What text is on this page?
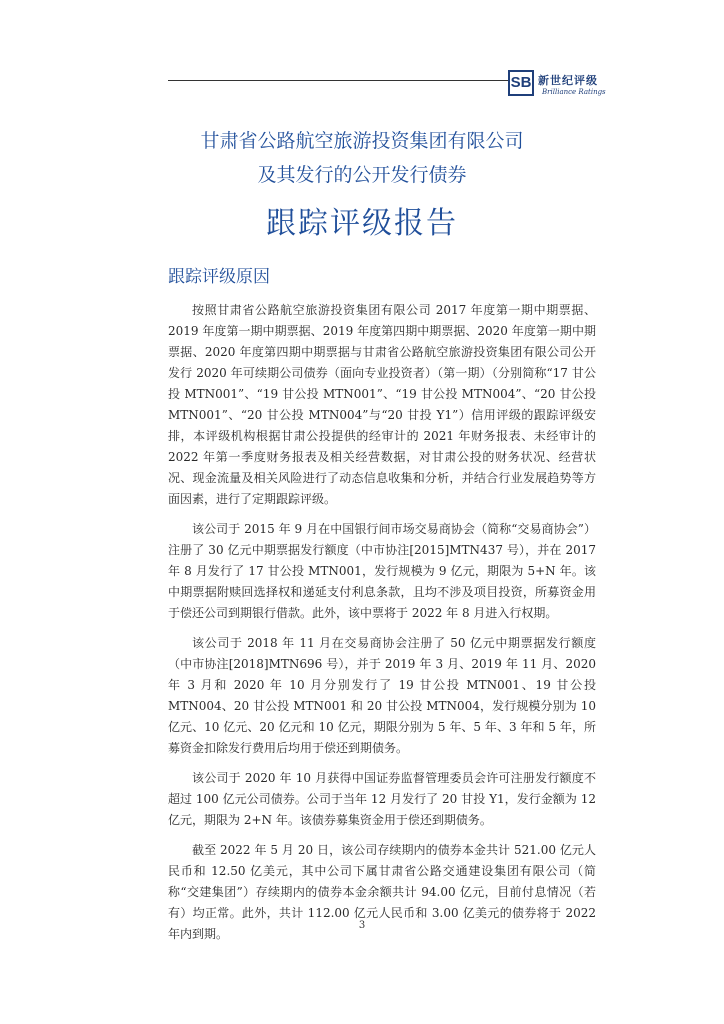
SB 新世纪评级
Brilliance Ratings
甘肃省公路航空旅游投资集团有限公司
及其发行的公开发行债券
跟踪评级报告
跟踪评级原因

按照甘肃省公路航空旅游投资集团有限公司 2017 年度第一期中期票据、2019 年度第一期中期票据、2019 年度第四期中期票据、2020 年度第一期中期票据、2020 年度第四期中期票据与甘肃省公路航空旅游投资集团有限公司公开发行 2020 年可续期公司债券（面向专业投资者）（第一期）（分别简称“17 甘公投 MTN001”、“19 甘公投 MTN001”、“19 甘公投 MTN004”、“20 甘公投 MTN001”、“20 甘公投 MTN004”与“20 甘投 Y1”）信用评级的跟踪评级安排，本评级机构根据甘肃公投提供的经审计的 2021 年财务报表、未经审计的 2022 年第一季度财务报表及相关经营数据，对甘肃公投的财务状况、经营状况、现金流量及相关风险进行了动态信息收集和分析，并结合行业发展趋势等方面因素，进行了定期跟踪评级。

该公司于 2015 年 9 月在中国银行间市场交易商协会（简称“交易商协会”）注册了 30 亿元中期票据发行额度（中市协注[2015]MTN437 号），并在 2017 年 8 月发行了 17 甘公投 MTN001，发行规模为 9 亿元，期限为 5+N 年。该中期票据附赎回选择权和递延支付利息条款，且均不涉及项目投资，所募资金用于偿还公司到期银行借款。此外，该中票将于 2022 年 8 月进入行权期。

该公司于 2018 年 11 月在交易商协会注册了 50 亿元中期票据发行额度（中市协注[2018]MTN696 号），并于 2019 年 3 月、2019 年 11 月、2020 年 3 月和 2020 年 10 月分别发行了 19 甘公投 MTN001、19 甘公投 MTN004、20 甘公投 MTN001 和 20 甘公投 MTN004，发行规模分别为 10 亿元、10 亿元、20 亿元和 10 亿元，期限分别为 5 年、5 年、3 年和 5 年，所募资金扣除发行费用后均用于偿还到期债务。

该公司于 2020 年 10 月获得中国证券监督管理委员会许可注册发行额度不超过 100 亿元公司债券。公司于当年 12 月发行了 20 甘投 Y1，发行金额为 12 亿元，期限为 2+N 年。该债券募集资金用于偿还到期债务。

截至 2022 年 5 月 20 日，该公司存续期内的债券本金共计 521.00 亿元人民币和 12.50 亿美元，其中公司下属甘肃省公路交通建设集团有限公司（简称“交建集团”）存续期内的债券本金余额共计 94.00 亿元，目前付息情况（若有）均正常。此外，共计 112.00 亿元人民币和 3.00 亿美元的债券将于 2022 年内到期。

3
